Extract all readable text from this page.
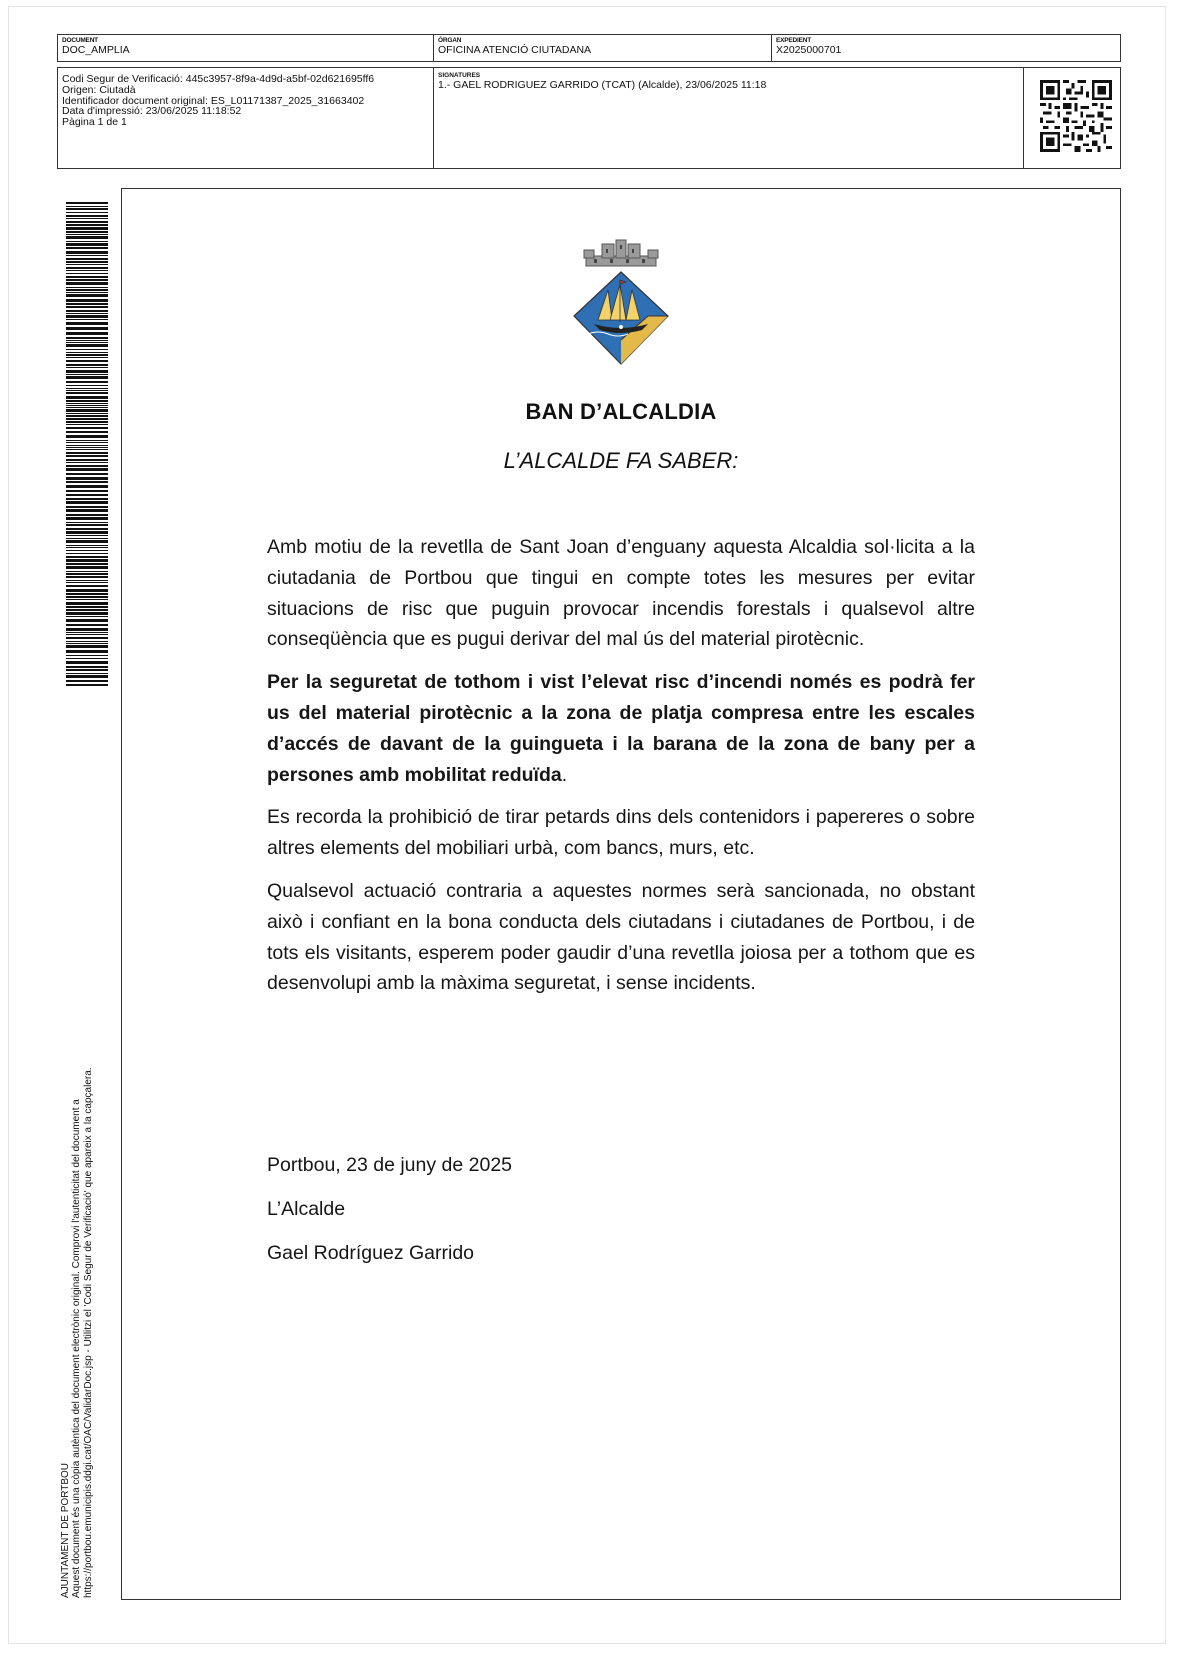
DOCUMENT
DOC_AMPLIA
ÒRGAN
OFICINA ATENCIÓ CIUTADANA
EXPEDIENT
X2025000701
Codi Segur de Verificació: 445c3957-8f9a-4d9d-a5bf-02d621695ff6
Origen: Ciutadà
Identificador document original: ES_L01171387_2025_31663402
Data d'impressió: 23/06/2025 11:18:52
Pàgina 1 de 1
SIGNATURES
1.- GAEL RODRIGUEZ GARRIDO (TCAT) (Alcalde), 23/06/2025 11:18
AJUNTAMENT DE PORTBOU Aquest document és una còpia autèntica del document electrònic original. Comprovi l'autenticitat del document a https://portbou.emunicipis.ddgi.cat/OAC/ValidarDoc.jsp - Utilitzi el 'Codi Segur de Verificació' que apareix a la capçalera.
BAN D’ALCALDIA
L’ALCALDE FA SABER:

Amb motiu de la revetlla de Sant Joan d’enguany aquesta Alcaldia sol·licita a la ciutadania de Portbou que tingui en compte totes les mesures per evitar situacions de risc que puguin provocar incendis forestals i qualsevol altre conseqüència que es pugui derivar del mal ús del material pirotècnic.

Per la seguretat de tothom i vist l’elevat risc d’incendi només es podrà fer us del material pirotècnic a la zona de platja compresa entre les escales d’accés de davant de la guingueta i la barana de la zona de bany per a persones amb mobilitat reduïda.

Es recorda la prohibició de tirar petards dins dels contenidors i papereres o sobre altres elements del mobiliari urbà, com bancs, murs, etc.

Qualsevol actuació contraria a aquestes normes serà sancionada, no obstant això i confiant en la bona conducta dels ciutadans i ciutadanes de Portbou, i de tots els visitants, esperem poder gaudir d’una revetlla joiosa per a tothom que es desenvolupi amb la màxima seguretat, i sense incidents.

Portbou, 23 de juny de 2025
L’Alcalde
Gael Rodríguez Garrido
